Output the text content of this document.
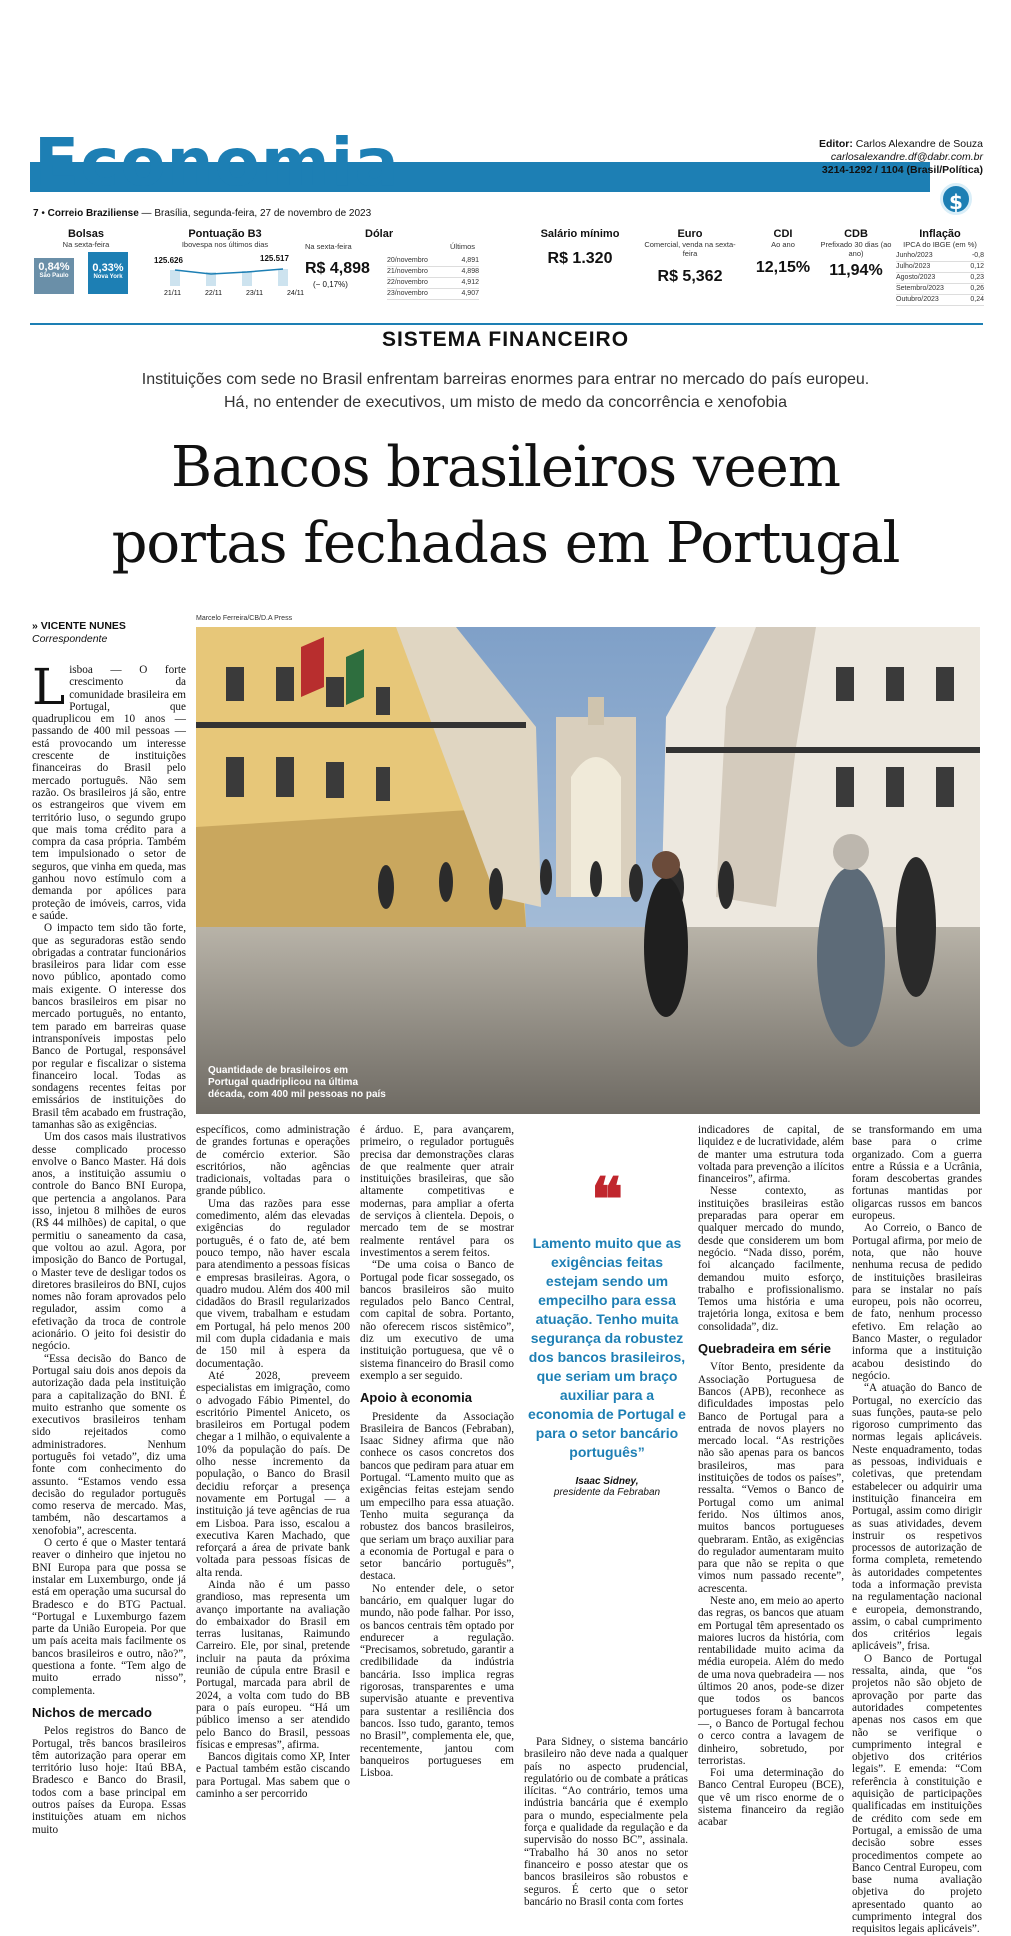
Economia	Editor: Carlos Alexandre de Souza
carlosalexandre.df@dabr.com.br
3214-1292 / 1104 (Brasil/Política)
$
7 • Correio Braziliense — Brasília, segunda-feira, 27 de novembro de 2023
Bolsas
Na sexta-feira
0,84%
São Paulo
0,33%
Nova York
Pontuação B3
Ibovespa nos últimos dias
125.626	125.517
21/11	22/11	23/11	24/11
Dólar
Na sexta-feira	Últimos
R$ 4,898
(− 0,17%)
20/novembro	4,891
21/novembro	4,898
22/novembro	4,912
23/novembro	4,907
Salário mínimo
R$ 1.320
Euro
Comercial, venda na sexta-feira
R$ 5,362
CDI
Ao ano
12,15%
CDB
Prefixado 30 dias (ao ano)
11,94%
Inflação
IPCA do IBGE (em %)
Junho/2023	-0,8
Julho/2023	0,12
Agosto/2023	0,23
Setembro/2023	0,26
Outubro/2023	0,24
SISTEMA FINANCEIRO
Instituições com sede no Brasil enfrentam barreiras enormes para entrar no mercado do país europeu.
Há, no entender de executivos, um misto de medo da concorrência e xenofobia
Bancos brasileiros veem
portas fechadas em Portugal
» VICENTE NUNES
Correspondente
Marcelo Ferreira/CB/D.A Press
Quantidade de brasileiros em Portugal quadriplicou na última década, com 400 mil pessoas no país

Lisboa — O forte crescimento da comunidade brasileira em Portugal, que quadruplicou em 10 anos — passando de 400 mil pessoas — está provocando um interesse crescente de instituições financeiras do Brasil pelo mercado português. Não sem razão. Os brasileiros já são, entre os estrangeiros que vivem em território luso, o segundo grupo que mais toma crédito para a compra da casa própria. Também tem impulsionado o setor de seguros, que vinha em queda, mas ganhou novo estímulo com a demanda por apólices para proteção de imóveis, carros, vida e saúde.

O impacto tem sido tão forte, que as seguradoras estão sendo obrigadas a contratar funcionários brasileiros para lidar com esse novo público, apontado como mais exigente. O interesse dos bancos brasileiros em pisar no mercado português, no entanto, tem parado em barreiras quase intransponíveis impostas pelo Banco de Portugal, responsável por regular e fiscalizar o sistema financeiro local. Todas as sondagens recentes feitas por emissários de instituições do Brasil têm acabado em frustração, tamanhas são as exigências.

Um dos casos mais ilustrativos desse complicado processo envolve o Banco Master. Há dois anos, a instituição assumiu o controle do Banco BNI Europa, que pertencia a angolanos. Para isso, injetou 8 milhões de euros (R$ 44 milhões) de capital, o que permitiu o saneamento da casa, que voltou ao azul. Agora, por imposição do Banco de Portugal, o Master teve de desligar todos os diretores brasileiros do BNI, cujos nomes não foram aprovados pelo regulador, assim como a efetivação da troca de controle acionário. O jeito foi desistir do negócio.

“Essa decisão do Banco de Portugal saiu dois anos depois da autorização dada pela instituição para a capitalização do BNI. É muito estranho que somente os executivos brasileiros tenham sido rejeitados como administradores. Nenhum português foi vetado”, diz uma fonte com conhecimento do assunto. “Estamos vendo essa decisão do regulador português como reserva de mercado. Mas, também, não descartamos a xenofobia”, acrescenta.

O certo é que o Master tentará reaver o dinheiro que injetou no BNI Europa para que possa se instalar em Luxemburgo, onde já está em operação uma sucursal do Bradesco e do BTG Pactual. “Portugal e Luxemburgo fazem parte da União Europeia. Por que um país aceita mais facilmente os bancos brasileiros e outro, não?”, questiona a fonte. “Tem algo de muito errado nisso”, complementa.

Nichos de mercado

Pelos registros do Banco de Portugal, três bancos brasileiros têm autorização para operar em território luso hoje: Itaú BBA, Bradesco e Banco do Brasil, todos com a base principal em outros países da Europa. Essas instituições atuam em nichos muito

específicos, como administração de grandes fortunas e operações de comércio exterior. São escritórios, não agências tradicionais, voltadas para o grande público.

Uma das razões para esse comedimento, além das elevadas exigências do regulador português, é o fato de, até bem pouco tempo, não haver escala para atendimento a pessoas físicas e empresas brasileiras. Agora, o quadro mudou. Além dos 400 mil cidadãos do Brasil regularizados que vivem, trabalham e estudam em Portugal, há pelo menos 200 mil com dupla cidadania e mais de 150 mil à espera da documentação.

Até 2028, preveem especialistas em imigração, como o advogado Fábio Pimentel, do escritório Pimentel Aniceto, os brasileiros em Portugal podem chegar a 1 milhão, o equivalente a 10% da população do país. De olho nesse incremento da população, o Banco do Brasil decidiu reforçar a presença novamente em Portugal — a instituição já teve agências de rua em Lisboa. Para isso, escalou a executiva Karen Machado, que reforçará a área de private bank voltada para pessoas físicas de alta renda.

Ainda não é um passo grandioso, mas representa um avanço importante na avaliação do embaixador do Brasil em terras lusitanas, Raimundo Carreiro. Ele, por sinal, pretende incluir na pauta da próxima reunião de cúpula entre Brasil e Portugal, marcada para abril de 2024, a volta com tudo do BB para o país europeu. “Há um público imenso a ser atendido pelo Banco do Brasil, pessoas físicas e empresas”, afirma.

Bancos digitais como XP, Inter e Pactual também estão ciscando para Portugal. Mas sabem que o caminho a ser percorrido

é árduo. E, para avançarem, primeiro, o regulador português precisa dar demonstrações claras de que realmente quer atrair instituições brasileiras, que são altamente competitivas e modernas, para ampliar a oferta de serviços à clientela. Depois, o mercado tem de se mostrar realmente rentável para os investimentos a serem feitos.

“De uma coisa o Banco de Portugal pode ficar sossegado, os bancos brasileiros são muito regulados pelo Banco Central, com capital de sobra. Portanto, não oferecem riscos sistêmico”, diz um executivo de uma instituição portuguesa, que vê o sistema financeiro do Brasil como exemplo a ser seguido.

Apoio à economia

Presidente da Associação Brasileira de Bancos (Febraban), Isaac Sidney afirma que não conhece os casos concretos dos bancos que pediram para atuar em Portugal. “Lamento muito que as exigências feitas estejam sendo um empecilho para essa atuação. Tenho muita segurança da robustez dos bancos brasileiros, que seriam um braço auxiliar para a economia de Portugal e para o setor bancário português”, destaca.

No entender dele, o setor bancário, em qualquer lugar do mundo, não pode falhar. Por isso, os bancos centrais têm optado por endurecer a regulação. “Precisamos, sobretudo, garantir a credibilidade da indústria bancária. Isso implica regras rigorosas, transparentes e uma supervisão atuante e preventiva para sustentar a resiliência dos bancos. Isso tudo, garanto, temos no Brasil”, complementa ele, que, recentemente, jantou com banqueiros portugueses em Lisboa.

❝
Lamento muito que as exigências feitas estejam sendo um empecilho para essa atuação. Tenho muita segurança da robustez dos bancos brasileiros, que seriam um braço auxiliar para a economia de Portugal e para o setor bancário português”
Isaac Sidney,
presidente da Febraban

Para Sidney, o sistema bancário brasileiro não deve nada a qualquer país no aspecto prudencial, regulatório ou de combate a práticas ilícitas. “Ao contrário, temos uma indústria bancária que é exemplo para o mundo, especialmente pela força e qualidade da regulação e da supervisão do nosso BC”, assinala. “Trabalho há 30 anos no setor financeiro e posso atestar que os bancos brasileiros são robustos e seguros. É certo que o setor bancário no Brasil conta com fortes

indicadores de capital, de liquidez e de lucratividade, além de manter uma estrutura toda voltada para prevenção a ilícitos financeiros”, afirma.

Nesse contexto, as instituições brasileiras estão preparadas para operar em qualquer mercado do mundo, desde que considerem um bom negócio. “Nada disso, porém, foi alcançado facilmente, demandou muito esforço, trabalho e profissionalismo. Temos uma história e uma trajetória longa, exitosa e bem consolidada”, diz.

Quebradeira em série

Vítor Bento, presidente da Associação Portuguesa de Bancos (APB), reconhece as dificuldades impostas pelo Banco de Portugal para a entrada de novos players no mercado local. “As restrições não são apenas para os bancos brasileiros, mas para instituições de todos os países”, ressalta. “Vemos o Banco de Portugal como um animal ferido. Nos últimos anos, muitos bancos portugueses quebraram. Então, as exigências do regulador aumentaram muito para que não se repita o que vimos num passado recente”, acrescenta.

Neste ano, em meio ao aperto das regras, os bancos que atuam em Portugal têm apresentado os maiores lucros da história, com rentabilidade muito acima da média europeia. Além do medo de uma nova quebradeira — nos últimos 20 anos, pode-se dizer que todos os bancos portugueses foram à bancarrota —, o Banco de Portugal fechou o cerco contra a lavagem de dinheiro, sobretudo, por terroristas.

Foi uma determinação do Banco Central Europeu (BCE), que vê um risco enorme de o sistema financeiro da região acabar

se transformando em uma base para o crime organizado. Com a guerra entre a Rússia e a Ucrânia, foram descobertas grandes fortunas mantidas por oligarcas russos em bancos europeus.

Ao Correio, o Banco de Portugal afirma, por meio de nota, que não houve nenhuma recusa de pedido de instituições brasileiras para se instalar no país europeu, pois não ocorreu, de fato, nenhum processo efetivo. Em relação ao Banco Master, o regulador informa que a instituição acabou desistindo do negócio.

“A atuação do Banco de Portugal, no exercício das suas funções, pauta-se pelo rigoroso cumprimento das normas legais aplicáveis. Neste enquadramento, todas as pessoas, individuais e coletivas, que pretendam estabelecer ou adquirir uma instituição financeira em Portugal, assim como dirigir as suas atividades, devem instruir os respetivos processos de autorização de forma completa, remetendo às autoridades competentes toda a informação prevista na regulamentação nacional e europeia, demonstrando, assim, o cabal cumprimento dos critérios legais aplicáveis”, frisa.

O Banco de Portugal ressalta, ainda, que “os projetos não são objeto de aprovação por parte das autoridades competentes apenas nos casos em que não se verifique o cumprimento integral e objetivo dos critérios legais”. E emenda: “Com referência à constituição e aquisição de participações qualificadas em instituições de crédito com sede em Portugal, a emissão de uma decisão sobre esses procedimentos compete ao Banco Central Europeu, com base numa avaliação objetiva do projeto apresentado quanto ao cumprimento integral dos requisitos legais aplicáveis”.
